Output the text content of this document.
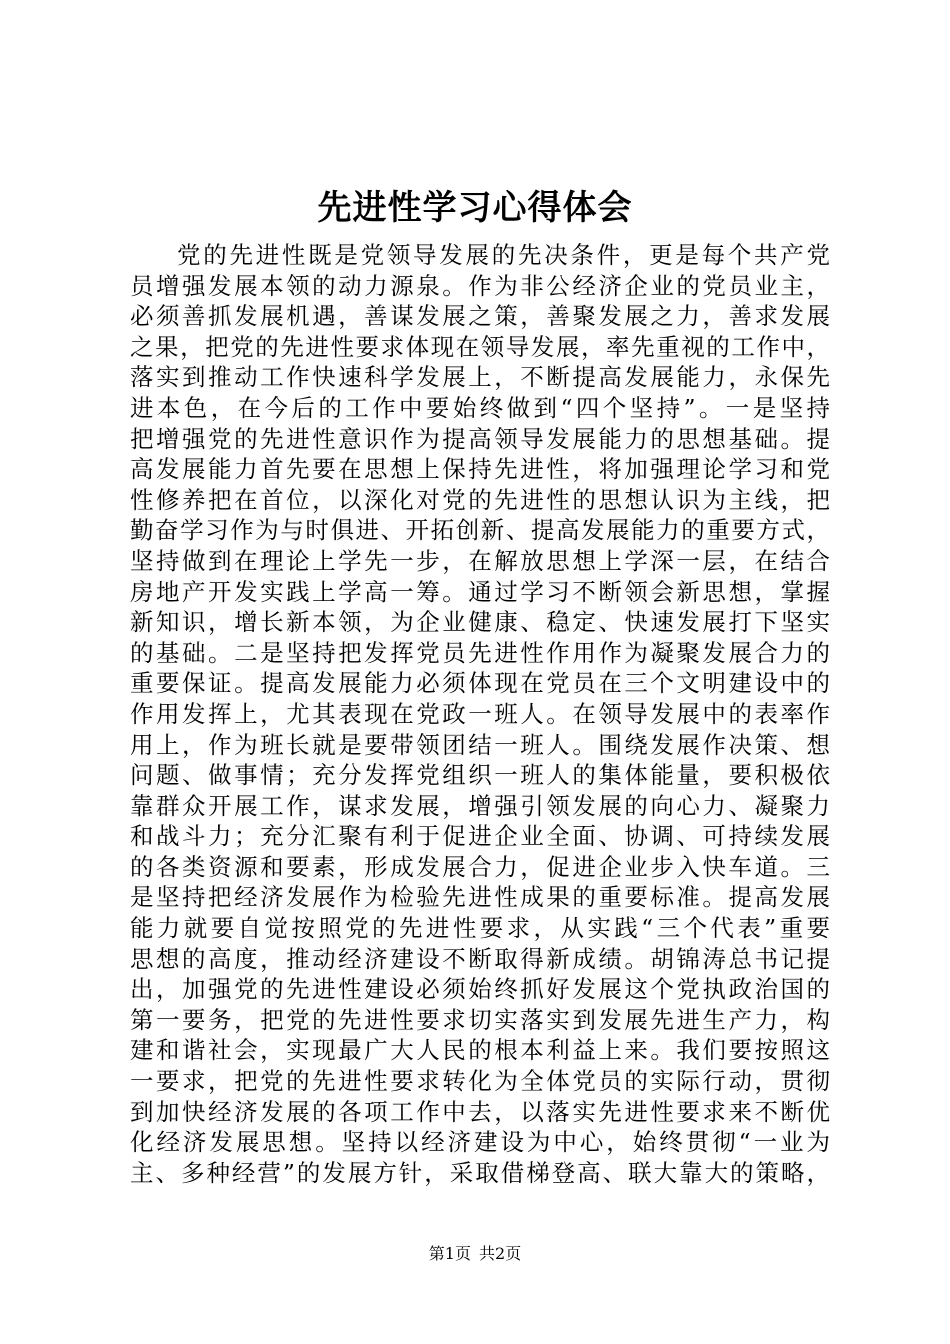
先进性学习心得体会
党的先进性既是党领导发展的先决条件，更是每个共产党
员增强发展本领的动力源泉。作为非公经济企业的党员业主，
必须善抓发展机遇，善谋发展之策，善聚发展之力，善求发展
之果，把党的先进性要求体现在领导发展，率先重视的工作中，
落实到推动工作快速科学发展上，不断提高发展能力，永保先
进本色，在今后的工作中要始终做到“四个坚持”。一是坚持
把增强党的先进性意识作为提高领导发展能力的思想基础。提
高发展能力首先要在思想上保持先进性，将加强理论学习和党
性修养把在首位，以深化对党的先进性的思想认识为主线，把
勤奋学习作为与时俱进、开拓创新、提高发展能力的重要方式，
坚持做到在理论上学先一步，在解放思想上学深一层，在结合
房地产开发实践上学高一筹。通过学习不断领会新思想，掌握
新知识，增长新本领，为企业健康、稳定、快速发展打下坚实
的基础。二是坚持把发挥党员先进性作用作为凝聚发展合力的
重要保证。提高发展能力必须体现在党员在三个文明建设中的
作用发挥上，尤其表现在党政一班人。在领导发展中的表率作
用上，作为班长就是要带领团结一班人。围绕发展作决策、想
问题、做事情；充分发挥党组织一班人的集体能量，要积极依
靠群众开展工作，谋求发展，增强引领发展的向心力、凝聚力
和战斗力；充分汇聚有利于促进企业全面、协调、可持续发展
的各类资源和要素，形成发展合力，促进企业步入快车道。三
是坚持把经济发展作为检验先进性成果的重要标准。提高发展
能力就要自觉按照党的先进性要求，从实践“三个代表”重要
思想的高度，推动经济建设不断取得新成绩。胡锦涛总书记提
出，加强党的先进性建设必须始终抓好发展这个党执政治国的
第一要务，把党的先进性要求切实落实到发展先进生产力，构
建和谐社会，实现最广大人民的根本利益上来。我们要按照这
一要求，把党的先进性要求转化为全体党员的实际行动，贯彻
到加快经济发展的各项工作中去，以落实先进性要求来不断优
化经济发展思想。坚持以经济建设为中心，始终贯彻“一业为
主、多种经营”的发展方针，采取借梯登高、联大靠大的策略，
第1页 共2页
